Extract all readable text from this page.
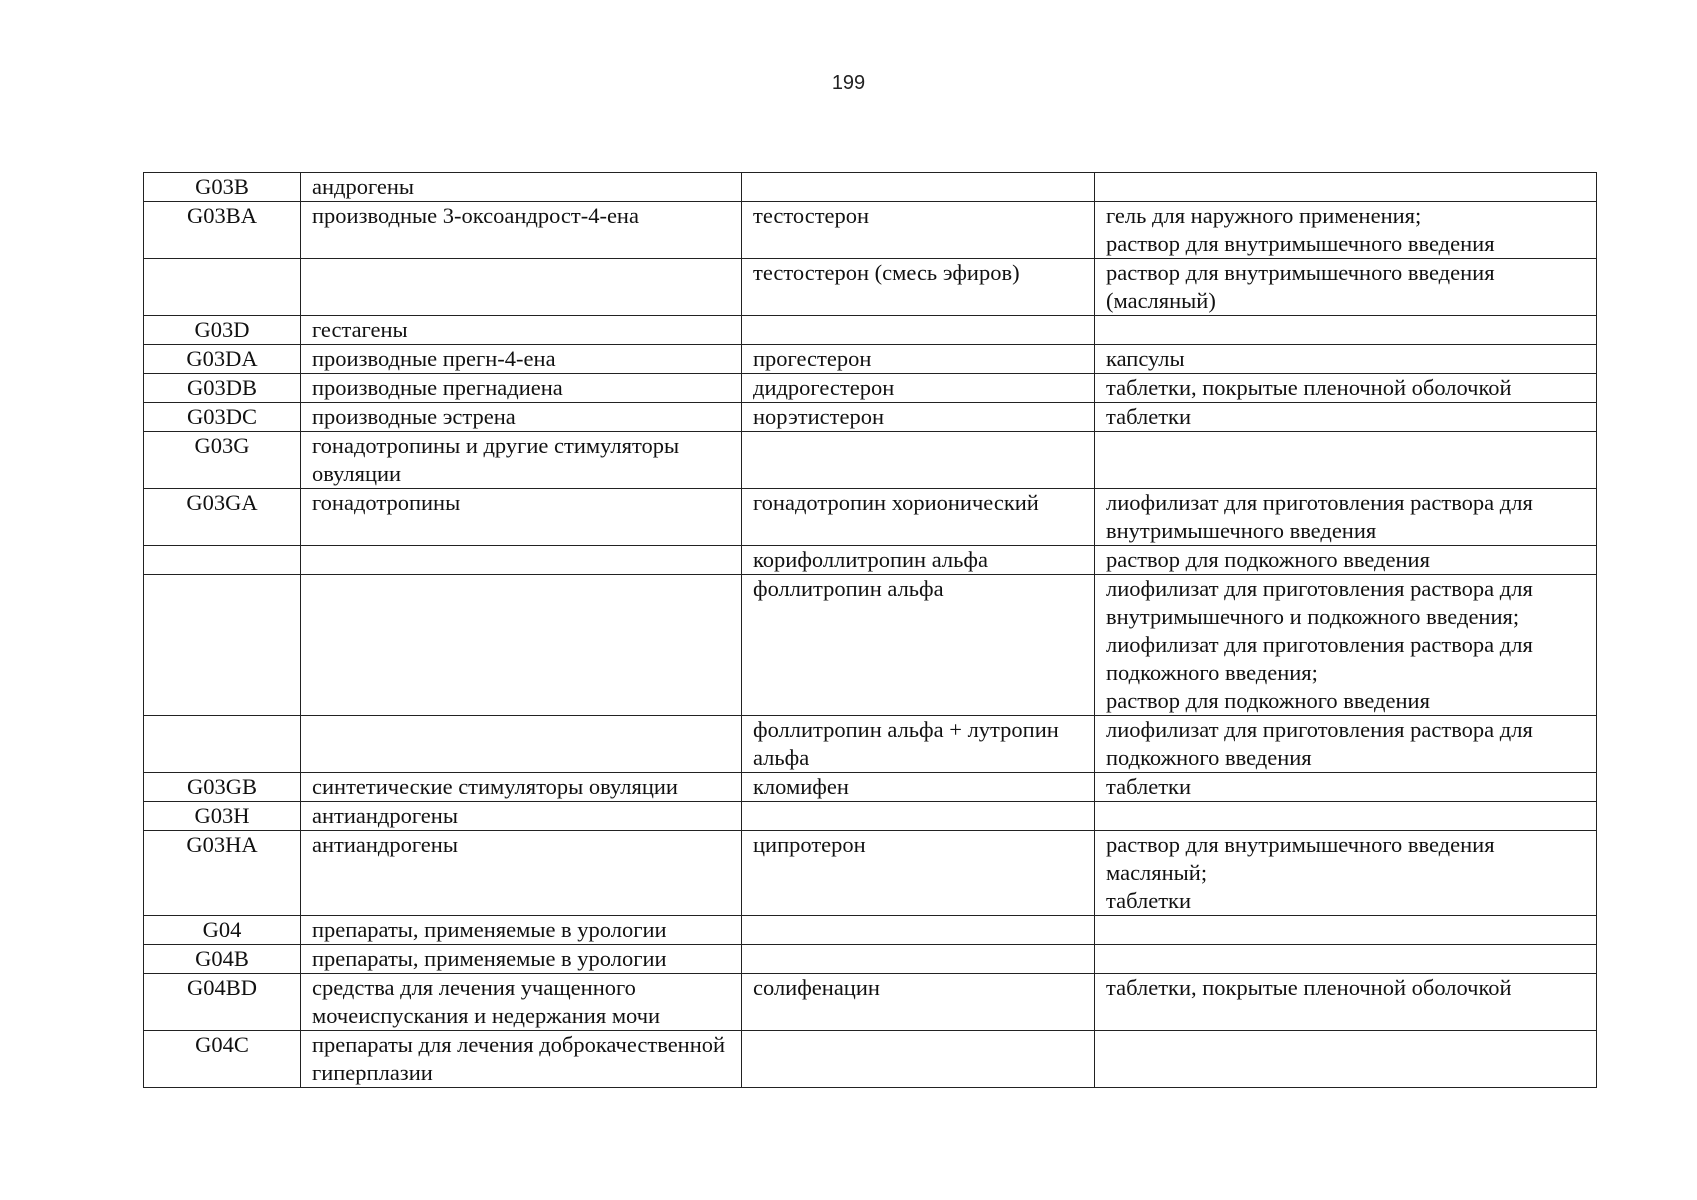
199
G03B	андрогены		
G03BA	производные 3-оксоандрост-4-ена	тестостерон	гель для наружного применения;
раствор для внутримышечного введения
		тестостерон (смесь эфиров)	раствор для внутримышечного введения
(масляный)
G03D	гестагены		
G03DA	производные прегн-4-ена	прогестерон	капсулы
G03DB	производные прегнадиена	дидрогестерон	таблетки, покрытые пленочной оболочкой
G03DC	производные эстрена	норэтистерон	таблетки
G03G	гонадотропины и другие стимуляторы овуляции		
G03GA	гонадотропины	гонадотропин хорионический	лиофилизат для приготовления раствора для внутримышечного введения
		корифоллитропин альфа	раствор для подкожного введения
		фоллитропин альфа	лиофилизат для приготовления раствора для внутримышечного и подкожного введения;
лиофилизат для приготовления раствора для подкожного введения;
раствор для подкожного введения
		фоллитропин альфа + лутропин альфа	лиофилизат для приготовления раствора для подкожного введения
G03GB	синтетические стимуляторы овуляции	кломифен	таблетки
G03H	антиандрогены		
G03HA	антиандрогены	ципротерон	раствор для внутримышечного введения масляный;
таблетки
G04	препараты, применяемые в урологии		
G04B	препараты, применяемые в урологии		
G04BD	средства для лечения учащенного мочеиспускания и недержания мочи	солифенацин	таблетки, покрытые пленочной оболочкой
G04C	препараты для лечения доброкачественной гиперплазии		
